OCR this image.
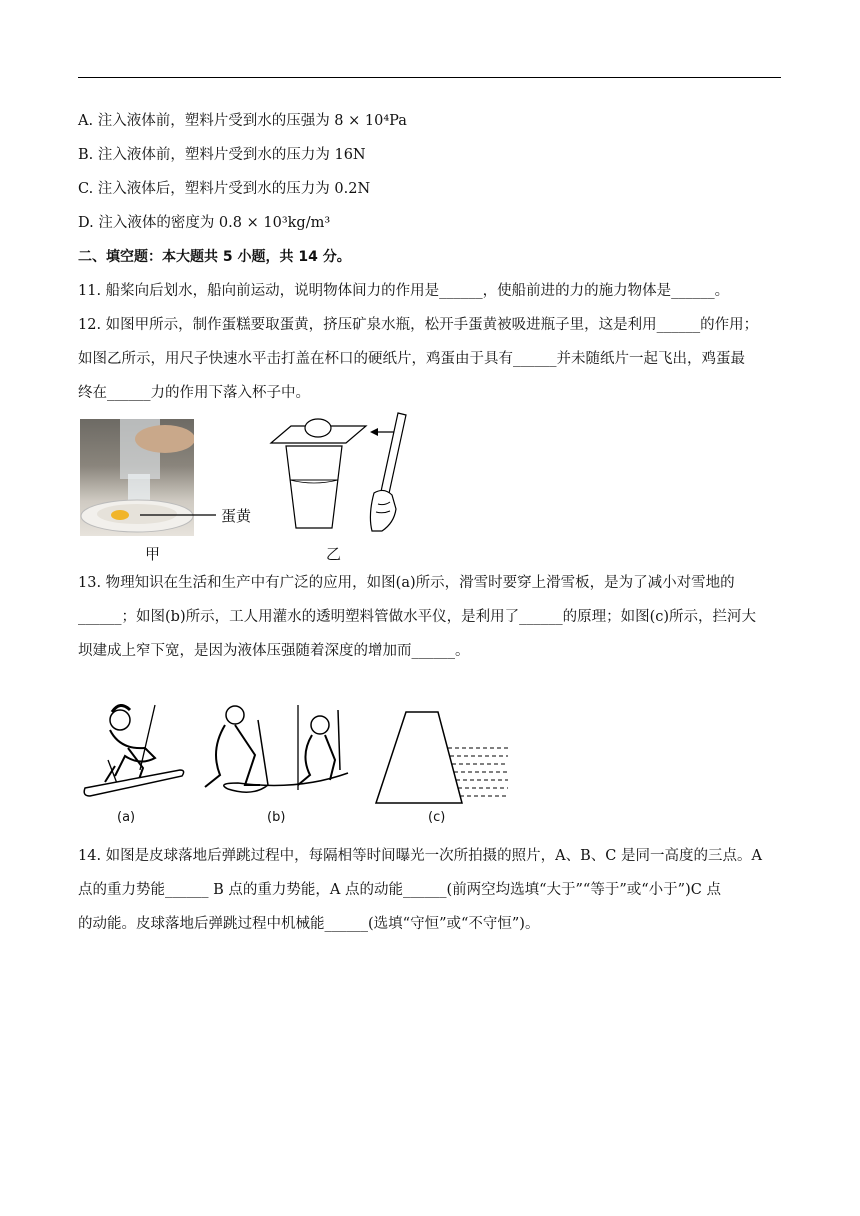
A. 注入液体前，塑料片受到水的压强为 8 × 10⁴Pa
B. 注入液体前，塑料片受到水的压力为 16N
C. 注入液体后，塑料片受到水的压力为 0.2N
D. 注入液体的密度为 0.8 × 10³kg/m³
二、填空题：本大题共 5 小题，共 14 分。
11. 船桨向后划水，船向前运动，说明物体间力的作用是______，使船前进的力的施力物体是______。
12. 如图甲所示，制作蛋糕要取蛋黄，挤压矿泉水瓶，松开手蛋黄被吸进瓶子里，这是利用______的作用；
如图乙所示，用尺子快速水平击打盖在杯口的硬纸片，鸡蛋由于具有______并未随纸片一起飞出，鸡蛋最
终在______力的作用下落入杯子中。
蛋黄
甲	乙
13. 物理知识在生活和生产中有广泛的应用，如图(a)所示，滑雪时要穿上滑雪板，是为了减小对雪地的
______；如图(b)所示，工人用灌水的透明塑料管做水平仪，是利用了______的原理；如图(c)所示，拦河大
坝建成上窄下宽，是因为液体压强随着深度的增加而______。
(a)	(b)	(c)
14. 如图是皮球落地后弹跳过程中，每隔相等时间曝光一次所拍摄的照片，A、B、C 是同一高度的三点。A
点的重力势能______ B 点的重力势能，A 点的动能______(前两空均选填“大于”“等于”或“小于”)C 点
的动能。皮球落地后弹跳过程中机械能______(选填“守恒”或“不守恒”)。
